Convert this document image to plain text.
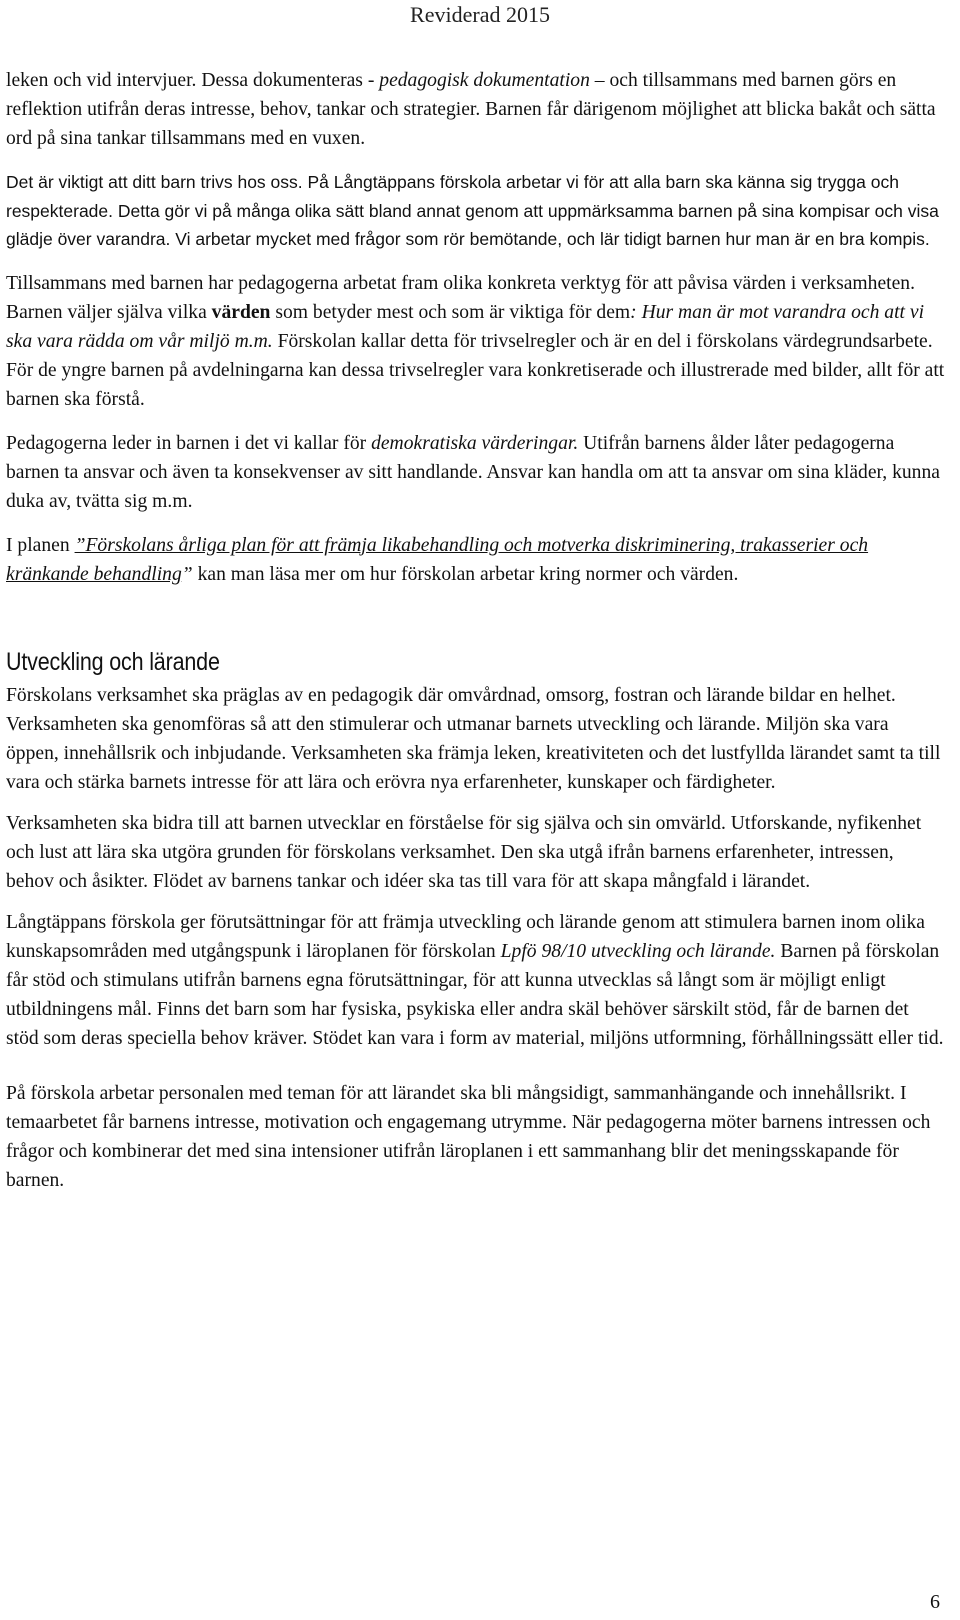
Reviderad 2015

leken och vid intervjuer. Dessa dokumenteras - pedagogisk dokumentation – och tillsammans med barnen görs en reflektion utifrån deras intresse, behov, tankar och strategier. Barnen får därigenom möjlighet att blicka bakåt och sätta ord på sina tankar tillsammans med en vuxen.

Det är viktigt att ditt barn trivs hos oss. På Långtäppans förskola arbetar vi för att alla barn ska känna sig trygga och respekterade. Detta gör vi på många olika sätt bland annat genom att uppmärksamma barnen på sina kompisar och visa glädje över varandra. Vi arbetar mycket med frågor som rör bemötande, och lär tidigt barnen hur man är en bra kompis.

Tillsammans med barnen har pedagogerna arbetat fram olika konkreta verktyg för att påvisa värden i verksamheten. Barnen väljer själva vilka värden som betyder mest och som är viktiga för dem: Hur man är mot varandra och att vi ska vara rädda om vår miljö m.m. Förskolan kallar detta för trivselregler och är en del i förskolans värdegrundsarbete. För de yngre barnen på avdelningarna kan dessa trivselregler vara konkretiserade och illustrerade med bilder, allt för att barnen ska förstå.

Pedagogerna leder in barnen i det vi kallar för demokratiska värderingar. Utifrån barnens ålder låter pedagogerna barnen ta ansvar och även ta konsekvenser av sitt handlande. Ansvar kan handla om att ta ansvar om sina kläder, kunna duka av, tvätta sig m.m.

I planen ”Förskolans årliga plan för att främja likabehandling och motverka diskriminering, trakasserier och kränkande behandling” kan man läsa mer om hur förskolan arbetar kring normer och värden.

Utveckling och lärande

Förskolans verksamhet ska präglas av en pedagogik där omvårdnad, omsorg, fostran och lärande bildar en helhet. Verksamheten ska genomföras så att den stimulerar och utmanar barnets utveckling och lärande. Miljön ska vara öppen, innehållsrik och inbjudande. Verksamheten ska främja leken, kreativiteten och det lustfyllda lärandet samt ta till vara och stärka barnets intresse för att lära och erövra nya erfarenheter, kunskaper och färdigheter.

Verksamheten ska bidra till att barnen utvecklar en förståelse för sig själva och sin omvärld. Utforskande, nyfikenhet och lust att lära ska utgöra grunden för förskolans verksamhet. Den ska utgå ifrån barnens erfarenheter, intressen, behov och åsikter. Flödet av barnens tankar och idéer ska tas till vara för att skapa mångfald i lärandet.

Långtäppans förskola ger förutsättningar för att främja utveckling och lärande genom att stimulera barnen inom olika kunskapsområden med utgångspunk i läroplanen för förskolan Lpfö 98/10 utveckling och lärande. Barnen på förskolan får stöd och stimulans utifrån barnens egna förutsättningar, för att kunna utvecklas så långt som är möjligt enligt utbildningens mål. Finns det barn som har fysiska, psykiska eller andra skäl behöver särskilt stöd, får de barnen det stöd som deras speciella behov kräver. Stödet kan vara i form av material, miljöns utformning, förhållningssätt eller tid.

På förskola arbetar personalen med teman för att lärandet ska bli mångsidigt, sammanhängande och innehållsrikt. I temaarbetet får barnens intresse, motivation och engagemang utrymme. När pedagogerna möter barnens intressen och frågor och kombinerar det med sina intensioner utifrån läroplanen i ett sammanhang blir det meningsskapande för barnen.

6
